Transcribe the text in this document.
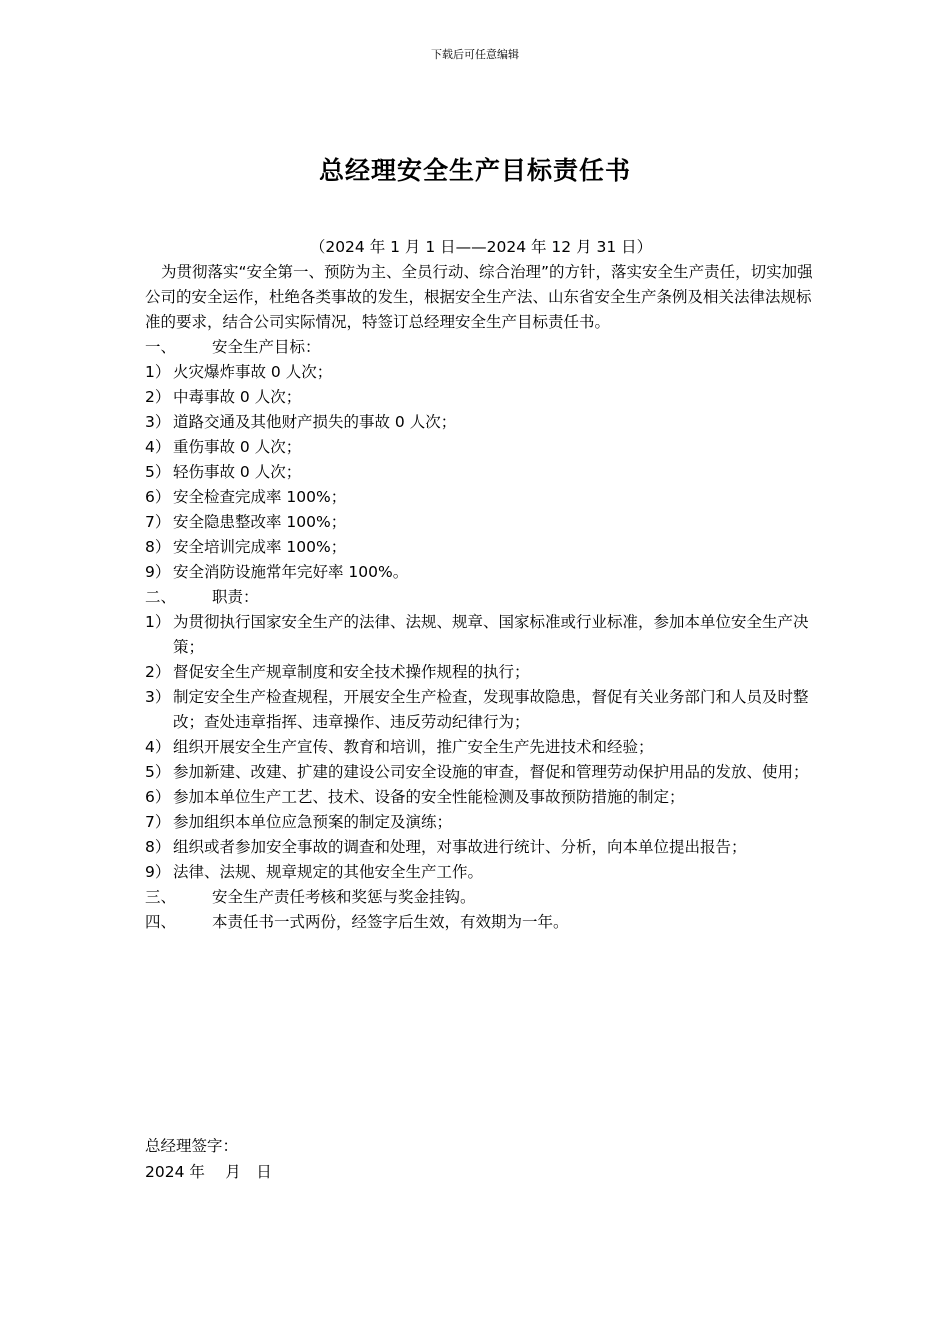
下载后可任意编辑
总经理安全生产目标责任书
（2024 年 1 月 1 日——2024 年 12 月 31 日）
为贯彻落实“安全第一、预防为主、全员行动、综合治理”的方针，落实安全生产责任，切实加强公司的安全运作，杜绝各类事故的发生，根据安全生产法、山东省安全生产条例及相关法律法规标准的要求，结合公司实际情况，特签订总经理安全生产目标责任书。
一、	安全生产目标：
1） 火灾爆炸事故 0 人次；
2） 中毒事故 0 人次；
3） 道路交通及其他财产损失的事故 0 人次；
4） 重伤事故 0 人次；
5） 轻伤事故 0 人次；
6） 安全检查完成率 100%；
7） 安全隐患整改率 100%；
8） 安全培训完成率 100%；
9） 安全消防设施常年完好率 100%。
二、	职责：
1） 为贯彻执行国家安全生产的法律、法规、规章、国家标准或行业标准，参加本单位安全生产决策；
2） 督促安全生产规章制度和安全技术操作规程的执行；
3） 制定安全生产检查规程，开展安全生产检查，发现事故隐患，督促有关业务部门和人员及时整改；查处违章指挥、违章操作、违反劳动纪律行为；
4） 组织开展安全生产宣传、教育和培训，推广安全生产先进技术和经验；
5） 参加新建、改建、扩建的建设公司安全设施的审查，督促和管理劳动保护用品的发放、使用；
6） 参加本单位生产工艺、技术、设备的安全性能检测及事故预防措施的制定；
7） 参加组织本单位应急预案的制定及演练；
8） 组织或者参加安全事故的调查和处理，对事故进行统计、分析，向本单位提出报告；
9） 法律、法规、规章规定的其他安全生产工作。
三、	安全生产责任考核和奖惩与奖金挂钩。
四、	本责任书一式两份，经签字后生效，有效期为一年。
总经理签字：
2024 年　 月　日
